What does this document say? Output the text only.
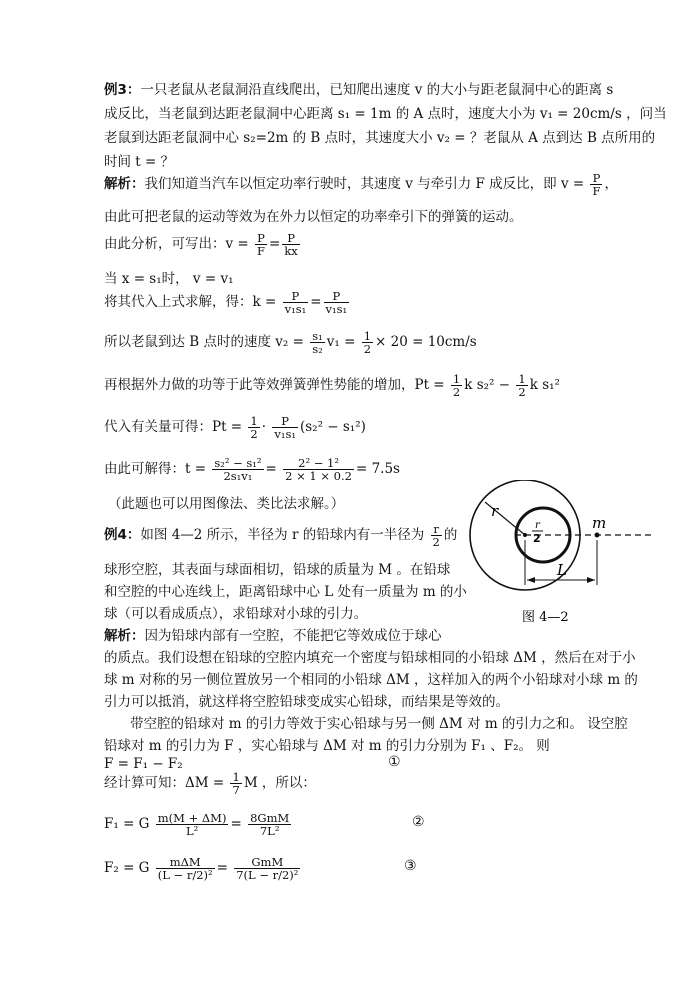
例3：一只老鼠从老鼠洞沿直线爬出，已知爬出速度 v 的大小与距老鼠洞中心的距离 s
成反比，当老鼠到达距老鼠洞中心距离 s₁ = 1m 的 A 点时，速度大小为 v₁ = 20cm/s ，问当
老鼠到达距老鼠洞中心 s₂=2m 的 B 点时，其速度大小 v₂ = ？老鼠从 A 点到达 B 点所用的
时间 t = ？
解析：我们知道当汽车以恒定功率行驶时，其速度 v 与牵引力 F 成反比，即 $v = \frac{P}{F}$ ，
由此可把老鼠的运动等效为在外力以恒定的功率牵引下的弹簧的运动。
由此分析，可写出：$v = \frac{P}{F} = \frac{P}{kx}$
当 x = s₁时， v = v₁
将其代入上式求解，得：$k = \frac{P}{\text{v₁s₁}} = \frac{P}{\text{v₁s₁}}$
所以老鼠到达 B 点时的速度 $v_2 = \frac{\text{s₁}}{\text{s₂}} v_1 = \frac{1}{2} \times 20 = 10cm/s$
再根据外力做的功等于此等效弹簧弹性势能的增加，$Pt = \frac{1}{2}$ k $s_2^2 - \frac{1}{2}$ k s₁²
代入有关量可得：$Pt = \frac{1}{2} \cdot \frac{P}{\text{v₁s₁}} (s_2^2 - s_1^2)$
由此可解得：$t = \frac{\text{s₂² − s₁²}}{\text{2s₁v₁}} = \frac{\text{2² − 1²}}{2 \times 1 \times 0.2} = 7.5s$
（此题也可以用图像法、类比法求解。）
例4：如图 4—2 所示，半径为 r 的铅球内有一半径为 $\frac{r}{2}$ 的
球形空腔，其表面与球面相切，铅球的质量为 M 。在铅球
和空腔的中心连线上，距离铅球中心 L 处有一质量为 m 的小
球（可以看成质点），求铅球对小球的引力。
r
r
2
m
L
图 4—2
解析：因为铅球内部有一空腔，不能把它等效成位于球心
的质点。我们设想在铅球的空腔内填充一个密度与铅球相同的小铅球 ΔM ，然后在对于小
球 m 对称的另一侧位置放另一个相同的小铅球 ΔM ，这样加入的两个小铅球对小球 m 的
引力可以抵消，就这样将空腔铅球变成实心铅球，而结果是等效的。
带空腔的铅球对 m 的引力等效于实心铅球与另一侧 ΔM 对 m 的引力之和。 设空腔
铅球对 m 的引力为 F ，实心铅球与 ΔM 对 m 的引力分别为 F₁ 、F₂。 则
F = F₁ − F₂	①
经计算可知：$\Delta M = \frac{1}{7}$ M ，所以：
F₁ = G $\frac{m(M + \Delta M)}{\text{L²}} = \frac{\text{8GmM}}{\text{7L²}}$	②
F₂ = G $\frac{\text{mΔM}}{\text{(L − r/2)²}} = \frac{\text{GmM}}{\text{7(L − r/2)²}}$	③
